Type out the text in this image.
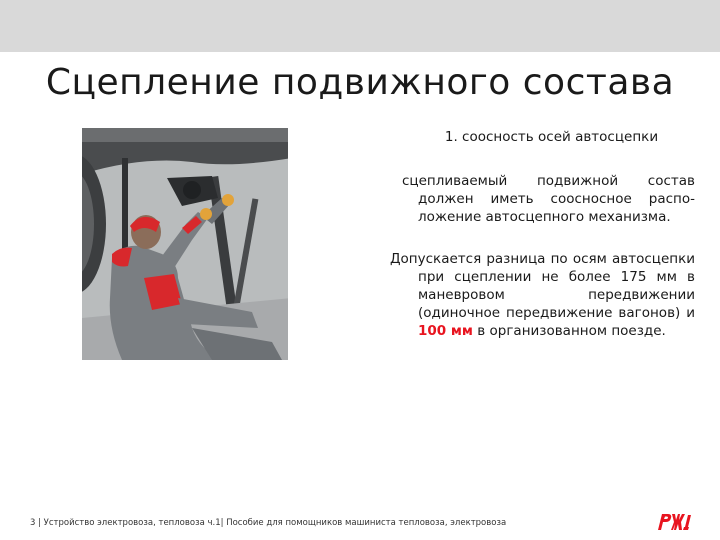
Сцепление подвижного состава

1. соосность осей автосцепки

сцепливаемый подвижной состав должен иметь соосносное распо-ложение автосцепного механизма.

Допускается разница по осям автосцепки при сцеплении не более 175 мм в маневровом передвижении (одиночное передвижение вагонов) и 100 мм в организованном поезде.

3 | Устройство электровоза, тепловоза ч.1| Пособие для помощников машиниста тепловоза, электровоза
